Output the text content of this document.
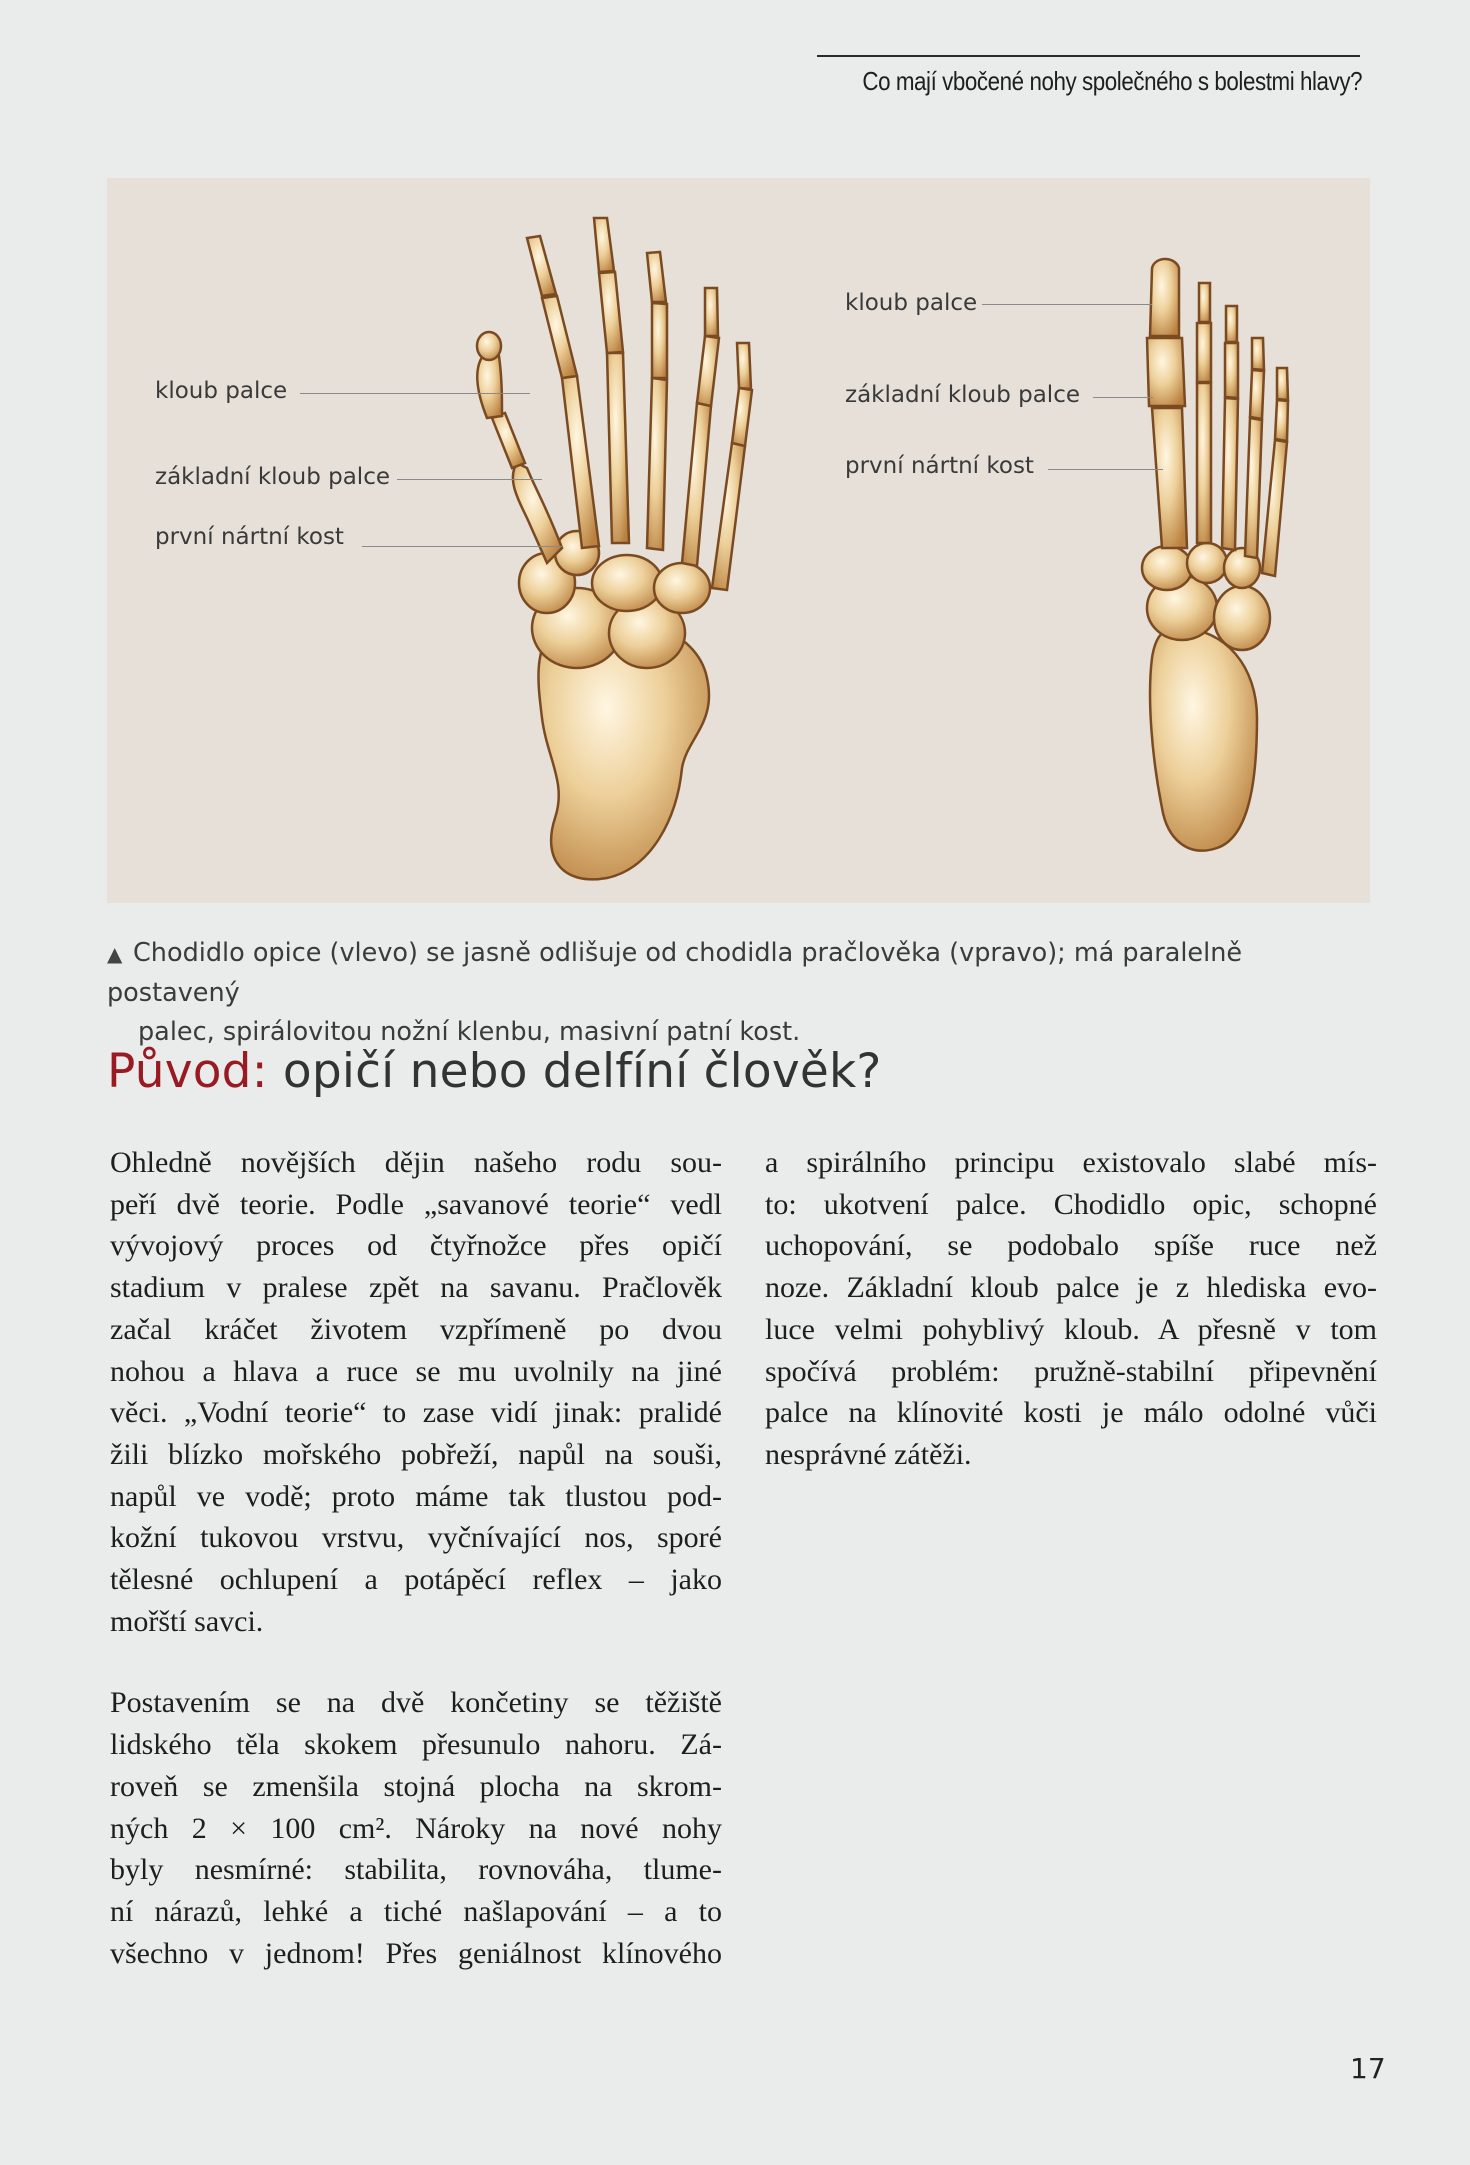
Co mají vbočené nohy společného s bolestmi hlavy?
kloub palce
základní kloub palce
první nártní kost
kloub palce
základní kloub palce
první nártní kost
▲ Chodidlo opice (vlevo) se jasně odlišuje od chodidla pračlověka (vpravo); má paralelně postavený
palec, spirálovitou nožní klenbu, masivní patní kost.
Původ: opičí nebo delfíní člověk?

Ohledně novějších dějin našeho rodu sou-
peří dvě teorie. Podle „savanové teorie“ vedl
vývojový proces od čtyřnožce přes opičí
stadium v pralese zpět na savanu. Pračlověk
začal kráčet životem vzpřímeně po dvou
nohou a hlava a ruce se mu uvolnily na jiné
věci. „Vodní teorie“ to zase vidí jinak: pralidé
žili blízko mořského pobřeží, napůl na souši,
napůl ve vodě; proto máme tak tlustou pod-
kožní tukovou vrstvu, vyčnívající nos, sporé
tělesné ochlupení a potápěcí reflex – jako
mořští savci.

Postavením se na dvě končetiny se těžiště
lidského těla skokem přesunulo nahoru. Zá-
roveň se zmenšila stojná plocha na skrom-
ných 2 × 100 cm². Nároky na nové nohy
byly nesmírné: stabilita, rovnováha, tlume-
ní nárazů, lehké a tiché našlapování – a to
všechno v jednom! Přes geniálnost klínového

a spirálního principu existovalo slabé mís-
to: ukotvení palce. Chodidlo opic, schopné
uchopování, se podobalo spíše ruce než
noze. Základní kloub palce je z hlediska evo-
luce velmi pohyblivý kloub. A přesně v tom
spočívá problém: pružně-stabilní připevnění
palce na klínovité kosti je málo odolné vůči
nesprávné zátěži.

17
